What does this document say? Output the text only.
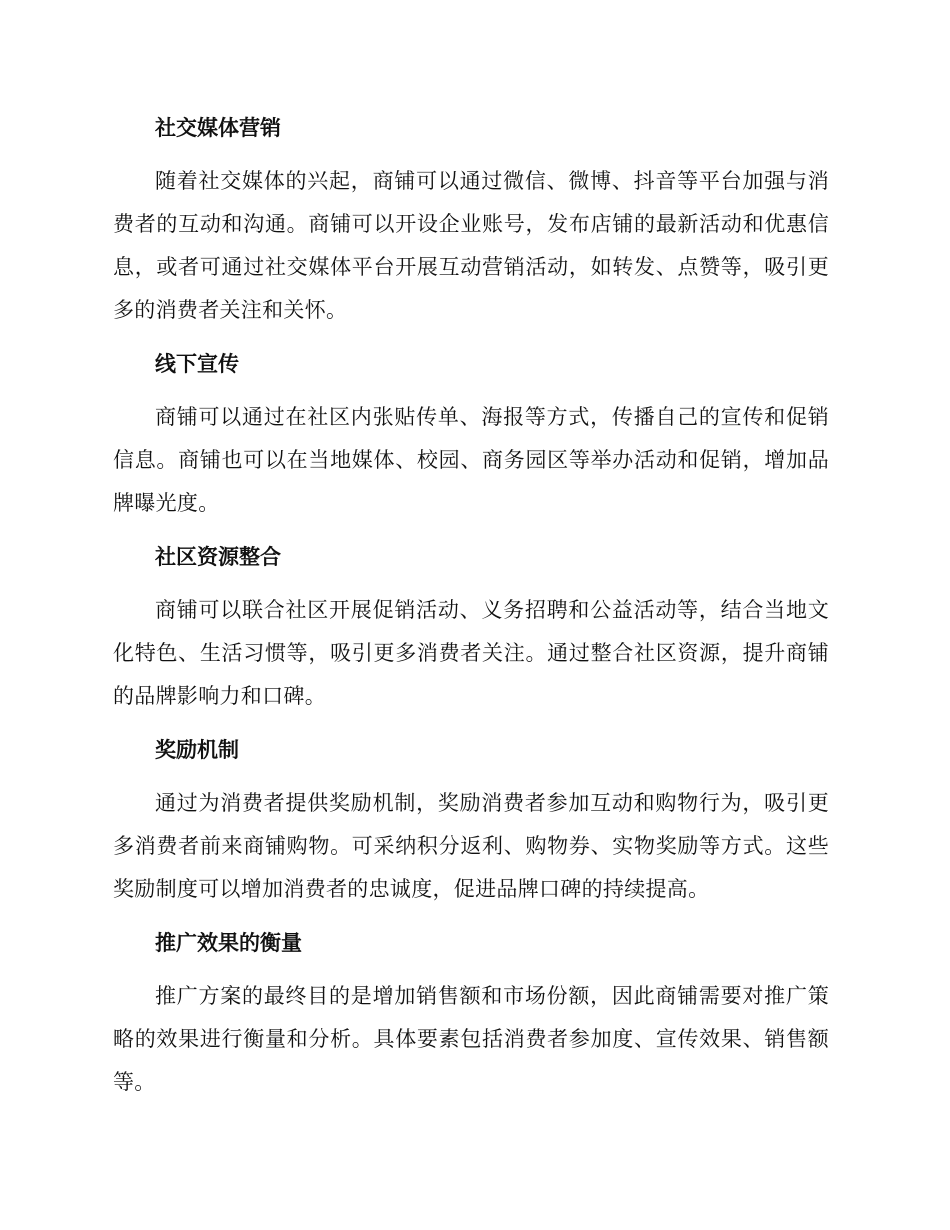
社交媒体营销

随着社交媒体的兴起，商铺可以通过微信、微博、抖音等平台加强与消费者的互动和沟通。商铺可以开设企业账号，发布店铺的最新活动和优惠信息，或者可通过社交媒体平台开展互动营销活动，如转发、点赞等，吸引更多的消费者关注和关怀。

线下宣传

商铺可以通过在社区内张贴传单、海报等方式，传播自己的宣传和促销信息。商铺也可以在当地媒体、校园、商务园区等举办活动和促销，增加品牌曝光度。

社区资源整合

商铺可以联合社区开展促销活动、义务招聘和公益活动等，结合当地文化特色、生活习惯等，吸引更多消费者关注。通过整合社区资源，提升商铺的品牌影响力和口碑。

奖励机制

通过为消费者提供奖励机制，奖励消费者参加互动和购物行为，吸引更多消费者前来商铺购物。可采纳积分返利、购物券、实物奖励等方式。这些奖励制度可以增加消费者的忠诚度，促进品牌口碑的持续提高。

推广效果的衡量

推广方案的最终目的是增加销售额和市场份额，因此商铺需要对推广策略的效果进行衡量和分析。具体要素包括消费者参加度、宣传效果、销售额等。
